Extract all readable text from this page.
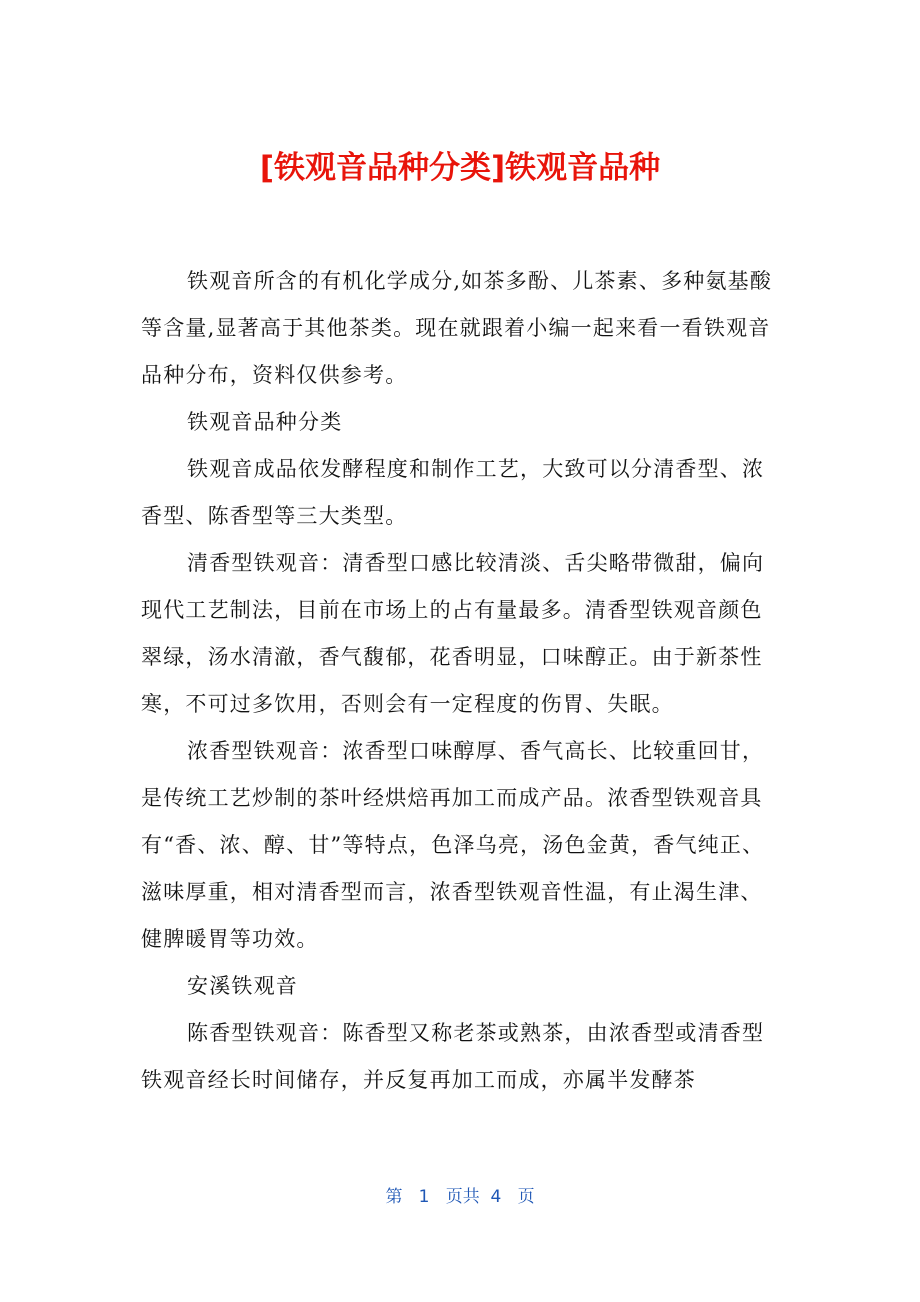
[铁观音品种分类]铁观音品种

铁观音所含的有机化学成分,如茶多酚、儿茶素、多种氨基酸等含量,显著高于其他茶类。现在就跟着小编一起来看一看铁观音品种分布，资料仅供参考。

铁观音品种分类

铁观音成品依发酵程度和制作工艺，大致可以分清香型、浓香型、陈香型等三大类型。

清香型铁观音：清香型口感比较清淡、舌尖略带微甜，偏向现代工艺制法，目前在市场上的占有量最多。清香型铁观音颜色翠绿，汤水清澈，香气馥郁，花香明显，口味醇正。由于新茶性寒，不可过多饮用，否则会有一定程度的伤胃、失眠。

浓香型铁观音：浓香型口味醇厚、香气高长、比较重回甘，是传统工艺炒制的茶叶经烘焙再加工而成产品。浓香型铁观音具有“香、浓、醇、甘”等特点，色泽乌亮，汤色金黄，香气纯正、滋味厚重，相对清香型而言，浓香型铁观音性温，有止渴生津、健脾暖胃等功效。

安溪铁观音

陈香型铁观音：陈香型又称老茶或熟茶，由浓香型或清香型铁观音经长时间储存，并反复再加工而成，亦属半发酵茶

第 1 页共 4 页
